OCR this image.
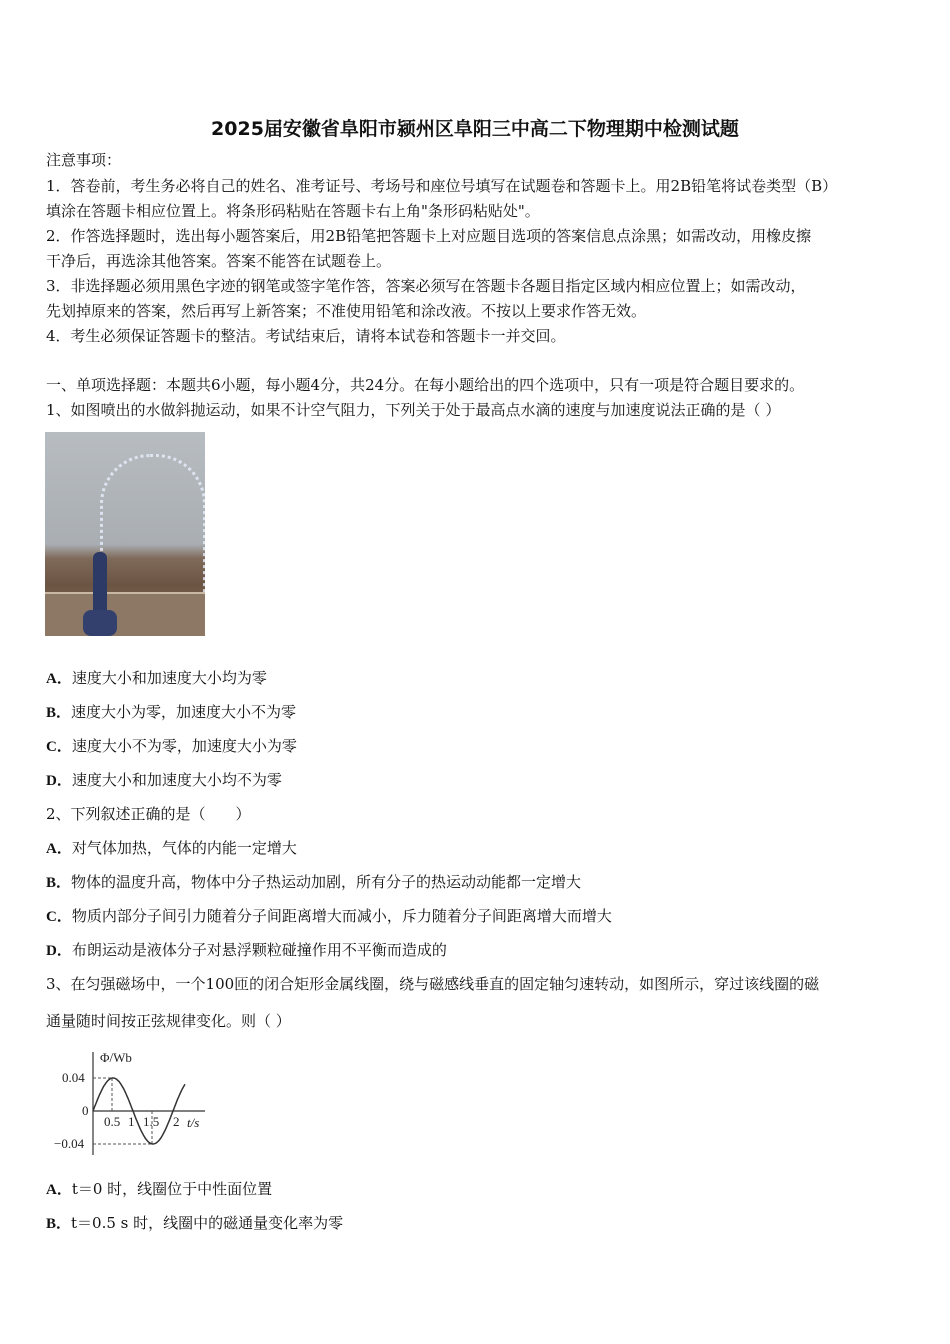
2025届安徽省阜阳市颍州区阜阳三中高二下物理期中检测试题
注意事项：
1．答卷前，考生务必将自己的姓名、准考证号、考场号和座位号填写在试题卷和答题卡上。用2B铅笔将试卷类型（B）
填涂在答题卡相应位置上。将条形码粘贴在答题卡右上角"条形码粘贴处"。
2．作答选择题时，选出每小题答案后，用2B铅笔把答题卡上对应题目选项的答案信息点涂黑；如需改动，用橡皮擦
干净后，再选涂其他答案。答案不能答在试题卷上。
3．非选择题必须用黑色字迹的钢笔或签字笔作答，答案必须写在答题卡各题目指定区域内相应位置上；如需改动，
先划掉原来的答案，然后再写上新答案；不准使用铅笔和涂改液。不按以上要求作答无效。
4．考生必须保证答题卡的整洁。考试结束后，请将本试卷和答题卡一并交回。
一、单项选择题：本题共6小题，每小题4分，共24分。在每小题给出的四个选项中，只有一项是符合题目要求的。
1、如图喷出的水做斜抛运动，如果不计空气阻力，下列关于处于最高点水滴的速度与加速度说法正确的是（ ）
A．速度大小和加速度大小均为零
B．速度大小为零，加速度大小不为零
C．速度大小不为零，加速度大小为零
D．速度大小和加速度大小均不为零
2、下列叙述正确的是（　　）
A．对气体加热，气体的内能一定增大
B．物体的温度升高，物体中分子热运动加剧，所有分子的热运动动能都一定增大
C．物质内部分子间引力随着分子间距离增大而减小，斥力随着分子间距离增大而增大
D．布朗运动是液体分子对悬浮颗粒碰撞作用不平衡而造成的
3、在匀强磁场中，一个100匝的闭合矩形金属线圈，绕与磁感线垂直的固定轴匀速转动，如图所示，穿过该线圈的磁
通量随时间按正弦规律变化。则（ ）
Φ/Wb
t/s
0.04
0
−0.04
0.5 1 1.5 2
A．t＝0 时，线圈位于中性面位置
B．t＝0.5 s 时，线圈中的磁通量变化率为零
